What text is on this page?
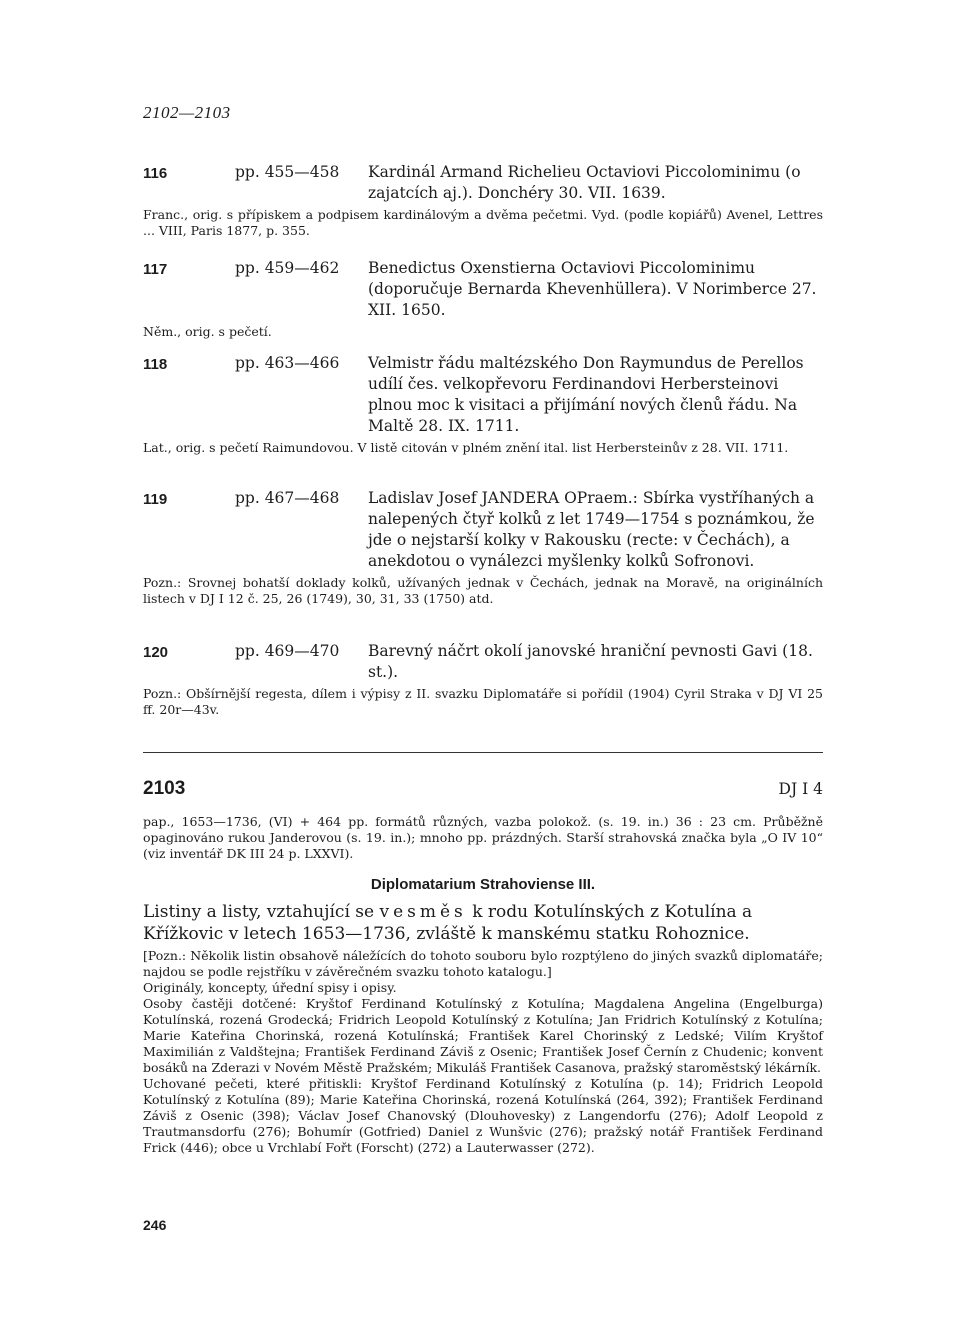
2102—2103
116	pp. 455—458	Kardinál Armand Richelieu Octaviovi Piccolominimu (o zajatcích aj.). Donchéry 30. VII. 1639.
Franc., orig. s přípiskem a podpisem kardinálovým a dvěma pečetmi. Vyd. (podle kopiářů) Avenel, Lettres ... VIII, Paris 1877, p. 355.
117	pp. 459—462	Benedictus Oxenstierna Octaviovi Piccolominimu (doporučuje Bernarda Khevenhüllera). V Norimberce 27. XII. 1650.
Něm., orig. s pečetí.
118	pp. 463—466	Velmistr řádu maltézského Don Raymundus de Perellos udílí čes. velkopřevoru Ferdinandovi Herbersteinovi plnou moc k visitaci a přijímání nových členů řádu. Na Maltě 28. IX. 1711.
Lat., orig. s pečetí Raimundovou. V listě citován v plném znění ital. list Herbersteinův z 28. VII. 1711.
119	pp. 467—468	Ladislav Josef JANDERA OPraem.: Sbírka vystříhaných a nalepených čtyř kolků z let 1749—1754 s poznámkou, že jde o nejstarší kolky v Rakousku (recte: v Čechách), a anekdotou o vynálezci myšlenky kolků Sofronovi.
Pozn.: Srovnej bohatší doklady kolků, užívaných jednak v Čechách, jednak na Moravě, na originálních listech v DJ I 12 č. 25, 26 (1749), 30, 31, 33 (1750) atd.
120	pp. 469—470	Barevný náčrt okolí janovské hraniční pevnosti Gavi (18. st.).
Pozn.: Obšírnější regesta, dílem i výpisy z II. svazku Diplomatáře si pořídil (1904) Cyril Straka v DJ VI 25 ff. 20r—43v.
2103	DJ I 4
pap., 1653—1736, (VI) + 464 pp. formátů různých, vazba polokož. (s. 19. in.) 36 : 23 cm. Průběžně opaginováno rukou Janderovou (s. 19. in.); mnoho pp. prázdných. Starší strahovská značka byla „O IV 10“ (viz inventář DK III 24 p. LXXVI).
Diplomatarium Strahoviense III.
Listiny a listy, vztahující se vesměs k rodu Kotulínských z Kotulína a Křížkovic v letech 1653—1736, zvláště k manskému statku Rohoznice.
[Pozn.: Několik listin obsahově náležících do tohoto souboru bylo rozptýleno do jiných svazků diplomatáře; najdou se podle rejstříku v závěrečném svazku tohoto katalogu.]
Originály, koncepty, úřední spisy i opisy.
Osoby častěji dotčené: Kryštof Ferdinand Kotulínský z Kotulína; Magdalena Angelina (Engelburga) Kotulínská, rozená Grodecká; Fridrich Leopold Kotulínský z Kotulína; Jan Fridrich Kotulínský z Kotulína; Marie Kateřina Chorinská, rozená Kotulínská; František Karel Chorinský z Ledské; Vilím Kryštof Maximilián z Valdštejna; František Ferdinand Záviš z Osenic; František Josef Černín z Chudenic; konvent bosáků na Zderazi v Novém Městě Pražském; Mikuláš František Casanova, pražský staroměstský lékárník.
Uchované pečeti, které přitiskli: Kryštof Ferdinand Kotulínský z Kotulína (p. 14); Fridrich Leopold Kotulínský z Kotulína (89); Marie Kateřina Chorinská, rozená Kotulínská (264, 392); František Ferdinand Záviš z Osenic (398); Václav Josef Chanovský (Dlouhovesky) z Langendorfu (276); Adolf Leopold z Trautmansdorfu (276); Bohumír (Gotfried) Daniel z Wunšvic (276); pražský notář František Ferdinand Frick (446); obce u Vrchlabí Fořt (Forscht) (272) a Lauterwasser (272).
246
